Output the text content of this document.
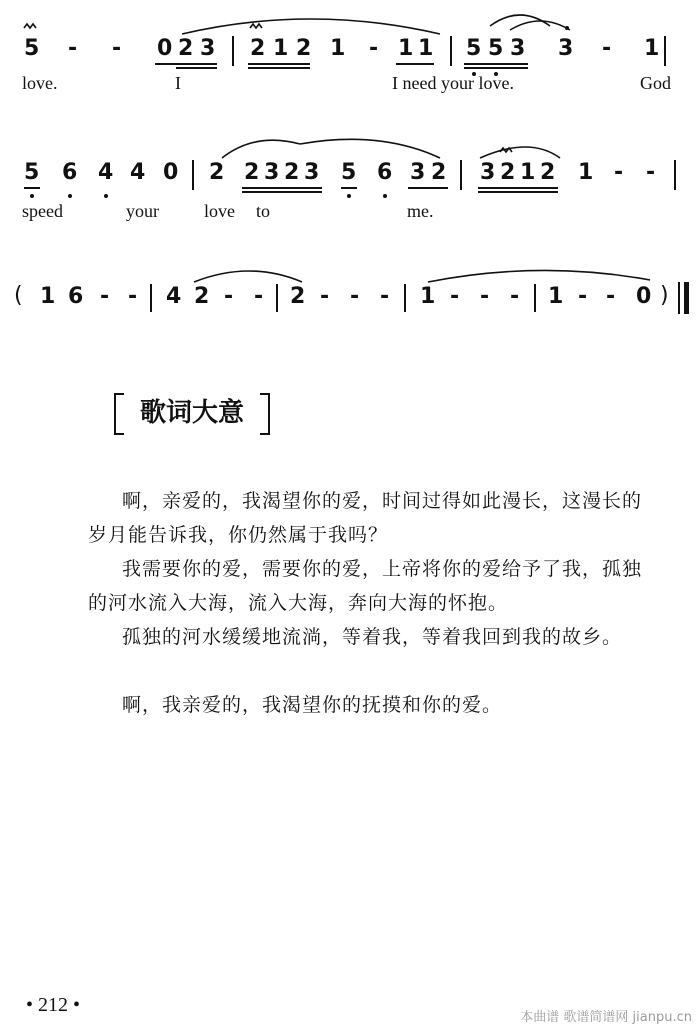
5 - - 0 2 3 2 1 2 1 - 1 1 5 5 3 3 - 1
love.	I	I need your love.	God
5 6 4 4 0 2 2 3 2 3 5 6 3 2 3 2 1 2 1 - -
speed	your	love to	me.
( 1 6 - - 4 2 - - 2 - - - 1 - - - 1 - - 0 )
歌词大意

啊，亲爱的，我渴望你的爱，时间过得如此漫长，这漫长的岁月能告诉我，你仍然属于我吗？

我需要你的爱，需要你的爱，上帝将你的爱给予了我，孤独的河水流入大海，流入大海，奔向大海的怀抱。

孤独的河水缓缓地流淌，等着我，等着我回到我的故乡。

啊，我亲爱的，我渴望你的抚摸和你的爱。

• 212 •
本曲谱 歌谱简谱网 jianpu.cn
